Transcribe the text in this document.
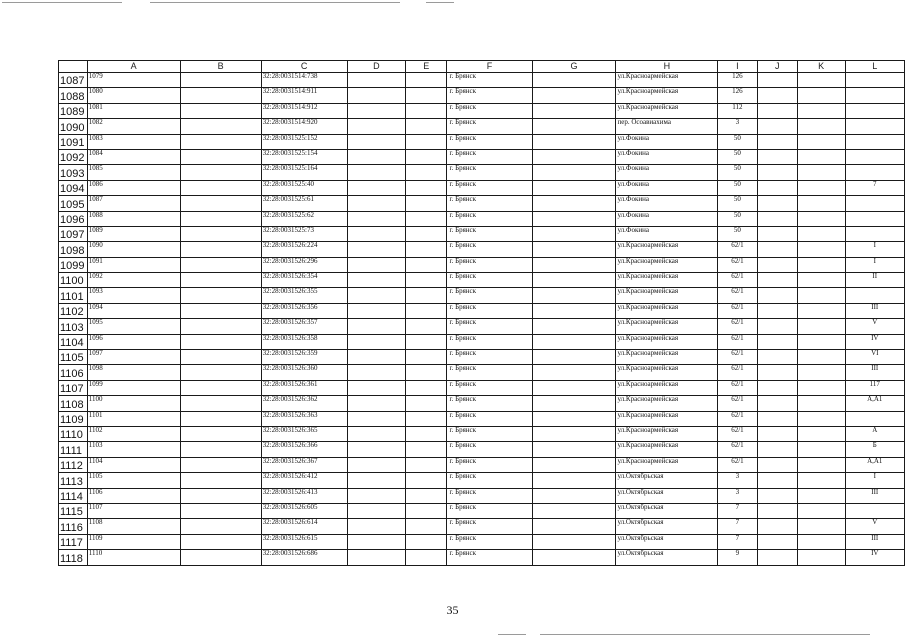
	A	B	C	D	E	F	G	H	I	J	K	L
1087	1079		32:28:0031514:738			г. Брянск		ул.Красноармейская	126			
1088	1080		32:28:0031514:911			г. Брянск		ул.Красноармейская	126			
1089	1081		32:28:0031514:912			г. Брянск		ул.Красноармейская	112			
1090	1082		32:28:0031514:920			г. Брянск		пер. Осоавиахима	3			
1091	1083		32:28:0031525:152			г. Брянск		ул.Фокина	50			
1092	1084		32:28:0031525:154			г. Брянск		ул.Фокина	50			
1093	1085		32:28:0031525:164			г. Брянск		ул.Фокина	50			
1094	1086		32:28:0031525:40			г. Брянск		ул.Фокина	50			7
1095	1087		32:28:0031525:61			г. Брянск		ул.Фокина	50			
1096	1088		32:28:0031525:62			г. Брянск		ул.Фокина	50			
1097	1089		32:28:0031525:73			г. Брянск		ул.Фокина	50			
1098	1090		32:28:0031526:224			г. Брянск		ул.Красноармейская	62/1			I
1099	1091		32:28:0031526:296			г. Брянск		ул.Красноармейская	62/1			I
1100	1092		32:28:0031526:354			г. Брянск		ул.Красноармейская	62/1			II
1101	1093		32:28:0031526:355			г. Брянск		ул.Красноармейская	62/1			
1102	1094		32:28:0031526:356			г. Брянск		ул.Красноармейская	62/1			III
1103	1095		32:28:0031526:357			г. Брянск		ул.Красноармейская	62/1			V
1104	1096		32:28:0031526:358			г. Брянск		ул.Красноармейская	62/1			IV
1105	1097		32:28:0031526:359			г. Брянск		ул.Красноармейская	62/1			VI
1106	1098		32:28:0031526:360			г. Брянск		ул.Красноармейская	62/1			III
1107	1099		32:28:0031526:361			г. Брянск		ул.Красноармейская	62/1			117
1108	1100		32:28:0031526:362			г. Брянск		ул.Красноармейская	62/1			А,А1
1109	1101		32:28:0031526:363			г. Брянск		ул.Красноармейская	62/1			
1110	1102		32:28:0031526:365			г. Брянск		ул.Красноармейская	62/1			А
1111	1103		32:28:0031526:366			г. Брянск		ул.Красноармейская	62/1			Б
1112	1104		32:28:0031526:367			г. Брянск		ул.Красноармейская	62/1			А,А1
1113	1105		32:28:0031526:412			г. Брянск		ул.Октябрьская	3			I
1114	1106		32:28:0031526:413			г. Брянск		ул.Октябрьская	3			III
1115	1107		32:28:0031526:605			г. Брянск		ул.Октябрьская	7			
1116	1108		32:28:0031526:614			г. Брянск		ул.Октябрьская	7			V
1117	1109		32:28:0031526:615			г. Брянск		ул.Октябрьская	7			III
1118	1110		32:28:0031526:686			г. Брянск		ул.Октябрьская	9			IV
35
